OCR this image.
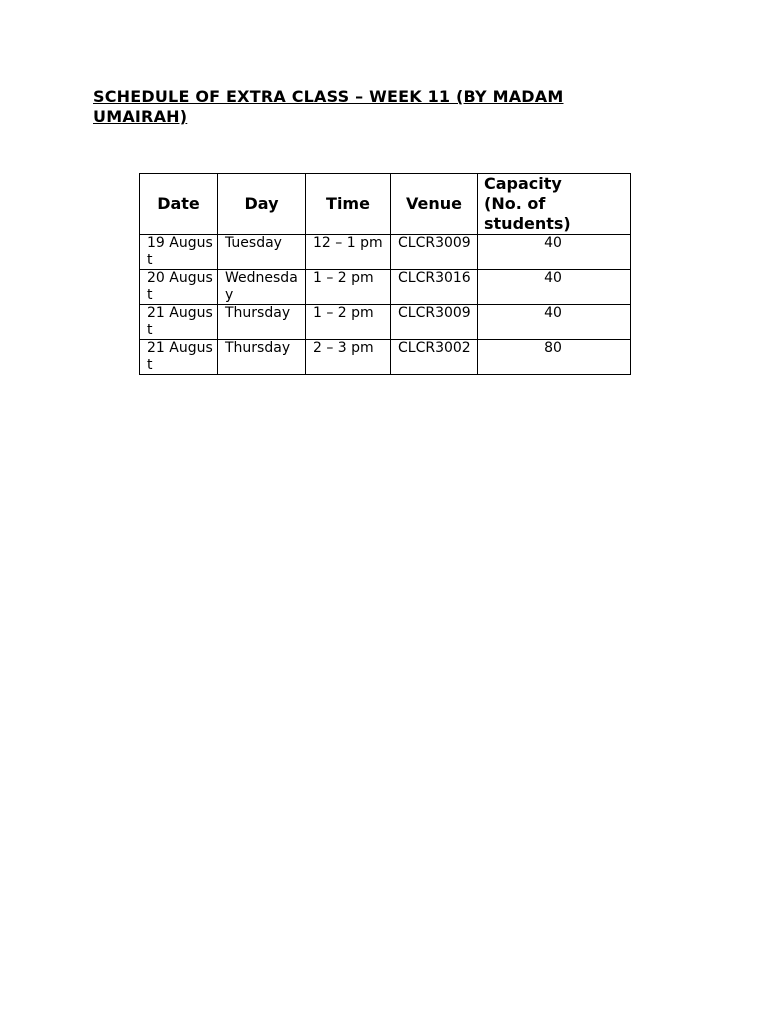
SCHEDULE OF EXTRA CLASS – WEEK 11 (BY MADAM
UMAIRAH)
Date	Day	Time	Venue	Capacity
(No. of
students)
19 August	Tuesday	12 – 1 pm	CLCR3009	40
20 August	Wednesday	1 – 2 pm	CLCR3016	40
21 August	Thursday	1 – 2 pm	CLCR3009	40
21 August	Thursday	2 – 3 pm	CLCR3002	80
